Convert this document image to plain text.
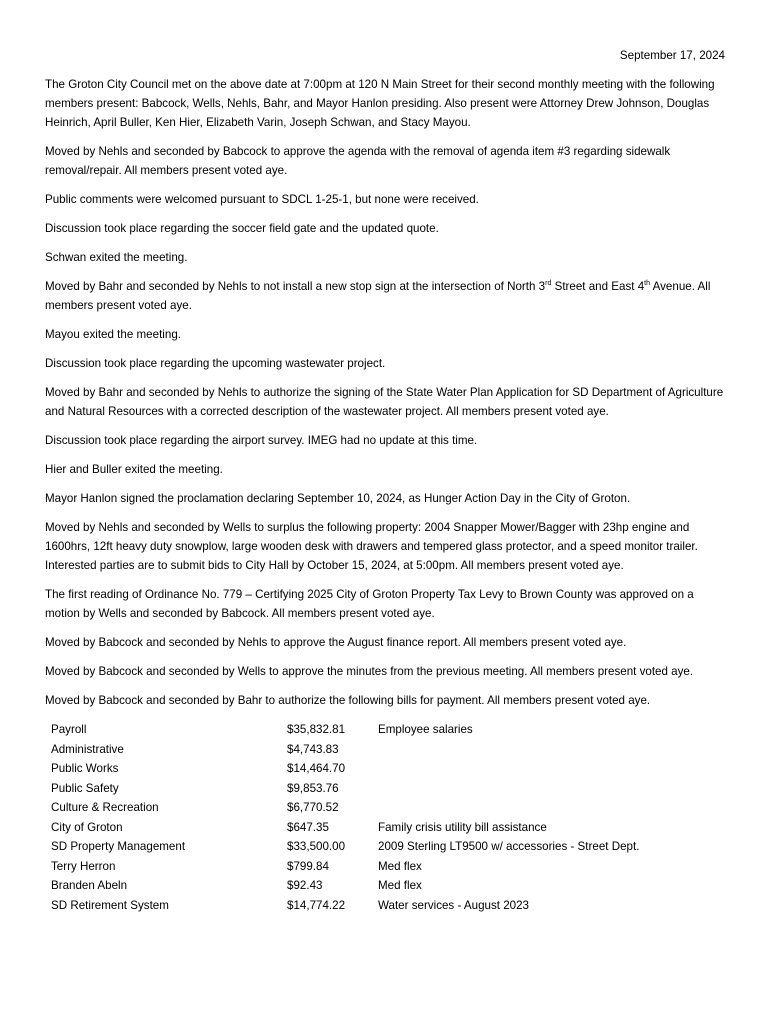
September 17, 2024

The Groton City Council met on the above date at 7:00pm at 120 N Main Street for their second monthly meeting with the following members present: Babcock, Wells, Nehls, Bahr, and Mayor Hanlon presiding. Also present were Attorney Drew Johnson, Douglas Heinrich, April Buller, Ken Hier, Elizabeth Varin, Joseph Schwan, and Stacy Mayou.

Moved by Nehls and seconded by Babcock to approve the agenda with the removal of agenda item #3 regarding sidewalk removal/repair. All members present voted aye.

Public comments were welcomed pursuant to SDCL 1-25-1, but none were received.

Discussion took place regarding the soccer field gate and the updated quote.

Schwan exited the meeting.

Moved by Bahr and seconded by Nehls to not install a new stop sign at the intersection of North 3rd Street and East 4th Avenue. All members present voted aye.

Mayou exited the meeting.

Discussion took place regarding the upcoming wastewater project.

Moved by Bahr and seconded by Nehls to authorize the signing of the State Water Plan Application for SD Department of Agriculture and Natural Resources with a corrected description of the wastewater project. All members present voted aye.

Discussion took place regarding the airport survey. IMEG had no update at this time.

Hier and Buller exited the meeting.

Mayor Hanlon signed the proclamation declaring September 10, 2024, as Hunger Action Day in the City of Groton.

Moved by Nehls and seconded by Wells to surplus the following property: 2004 Snapper Mower/Bagger with 23hp engine and 1600hrs, 12ft heavy duty snowplow, large wooden desk with drawers and tempered glass protector, and a speed monitor trailer. Interested parties are to submit bids to City Hall by October 15, 2024, at 5:00pm. All members present voted aye.

The first reading of Ordinance No. 779 – Certifying 2025 City of Groton Property Tax Levy to Brown County was approved on a motion by Wells and seconded by Babcock. All members present voted aye.

Moved by Babcock and seconded by Nehls to approve the August finance report. All members present voted aye.

Moved by Babcock and seconded by Wells to approve the minutes from the previous meeting. All members present voted aye.

Moved by Babcock and seconded by Bahr to authorize the following bills for payment. All members present voted aye.

Payroll	$35,832.81	Employee salaries
Administrative	$4,743.83	
Public Works	$14,464.70	
Public Safety	$9,853.76	
Culture & Recreation	$6,770.52	
City of Groton	$647.35	Family crisis utility bill assistance
SD Property Management	$33,500.00	2009 Sterling LT9500 w/ accessories - Street Dept.
Terry Herron	$799.84	Med flex
Branden Abeln	$92.43	Med flex
SD Retirement System	$14,774.22	Water services - August 2023
